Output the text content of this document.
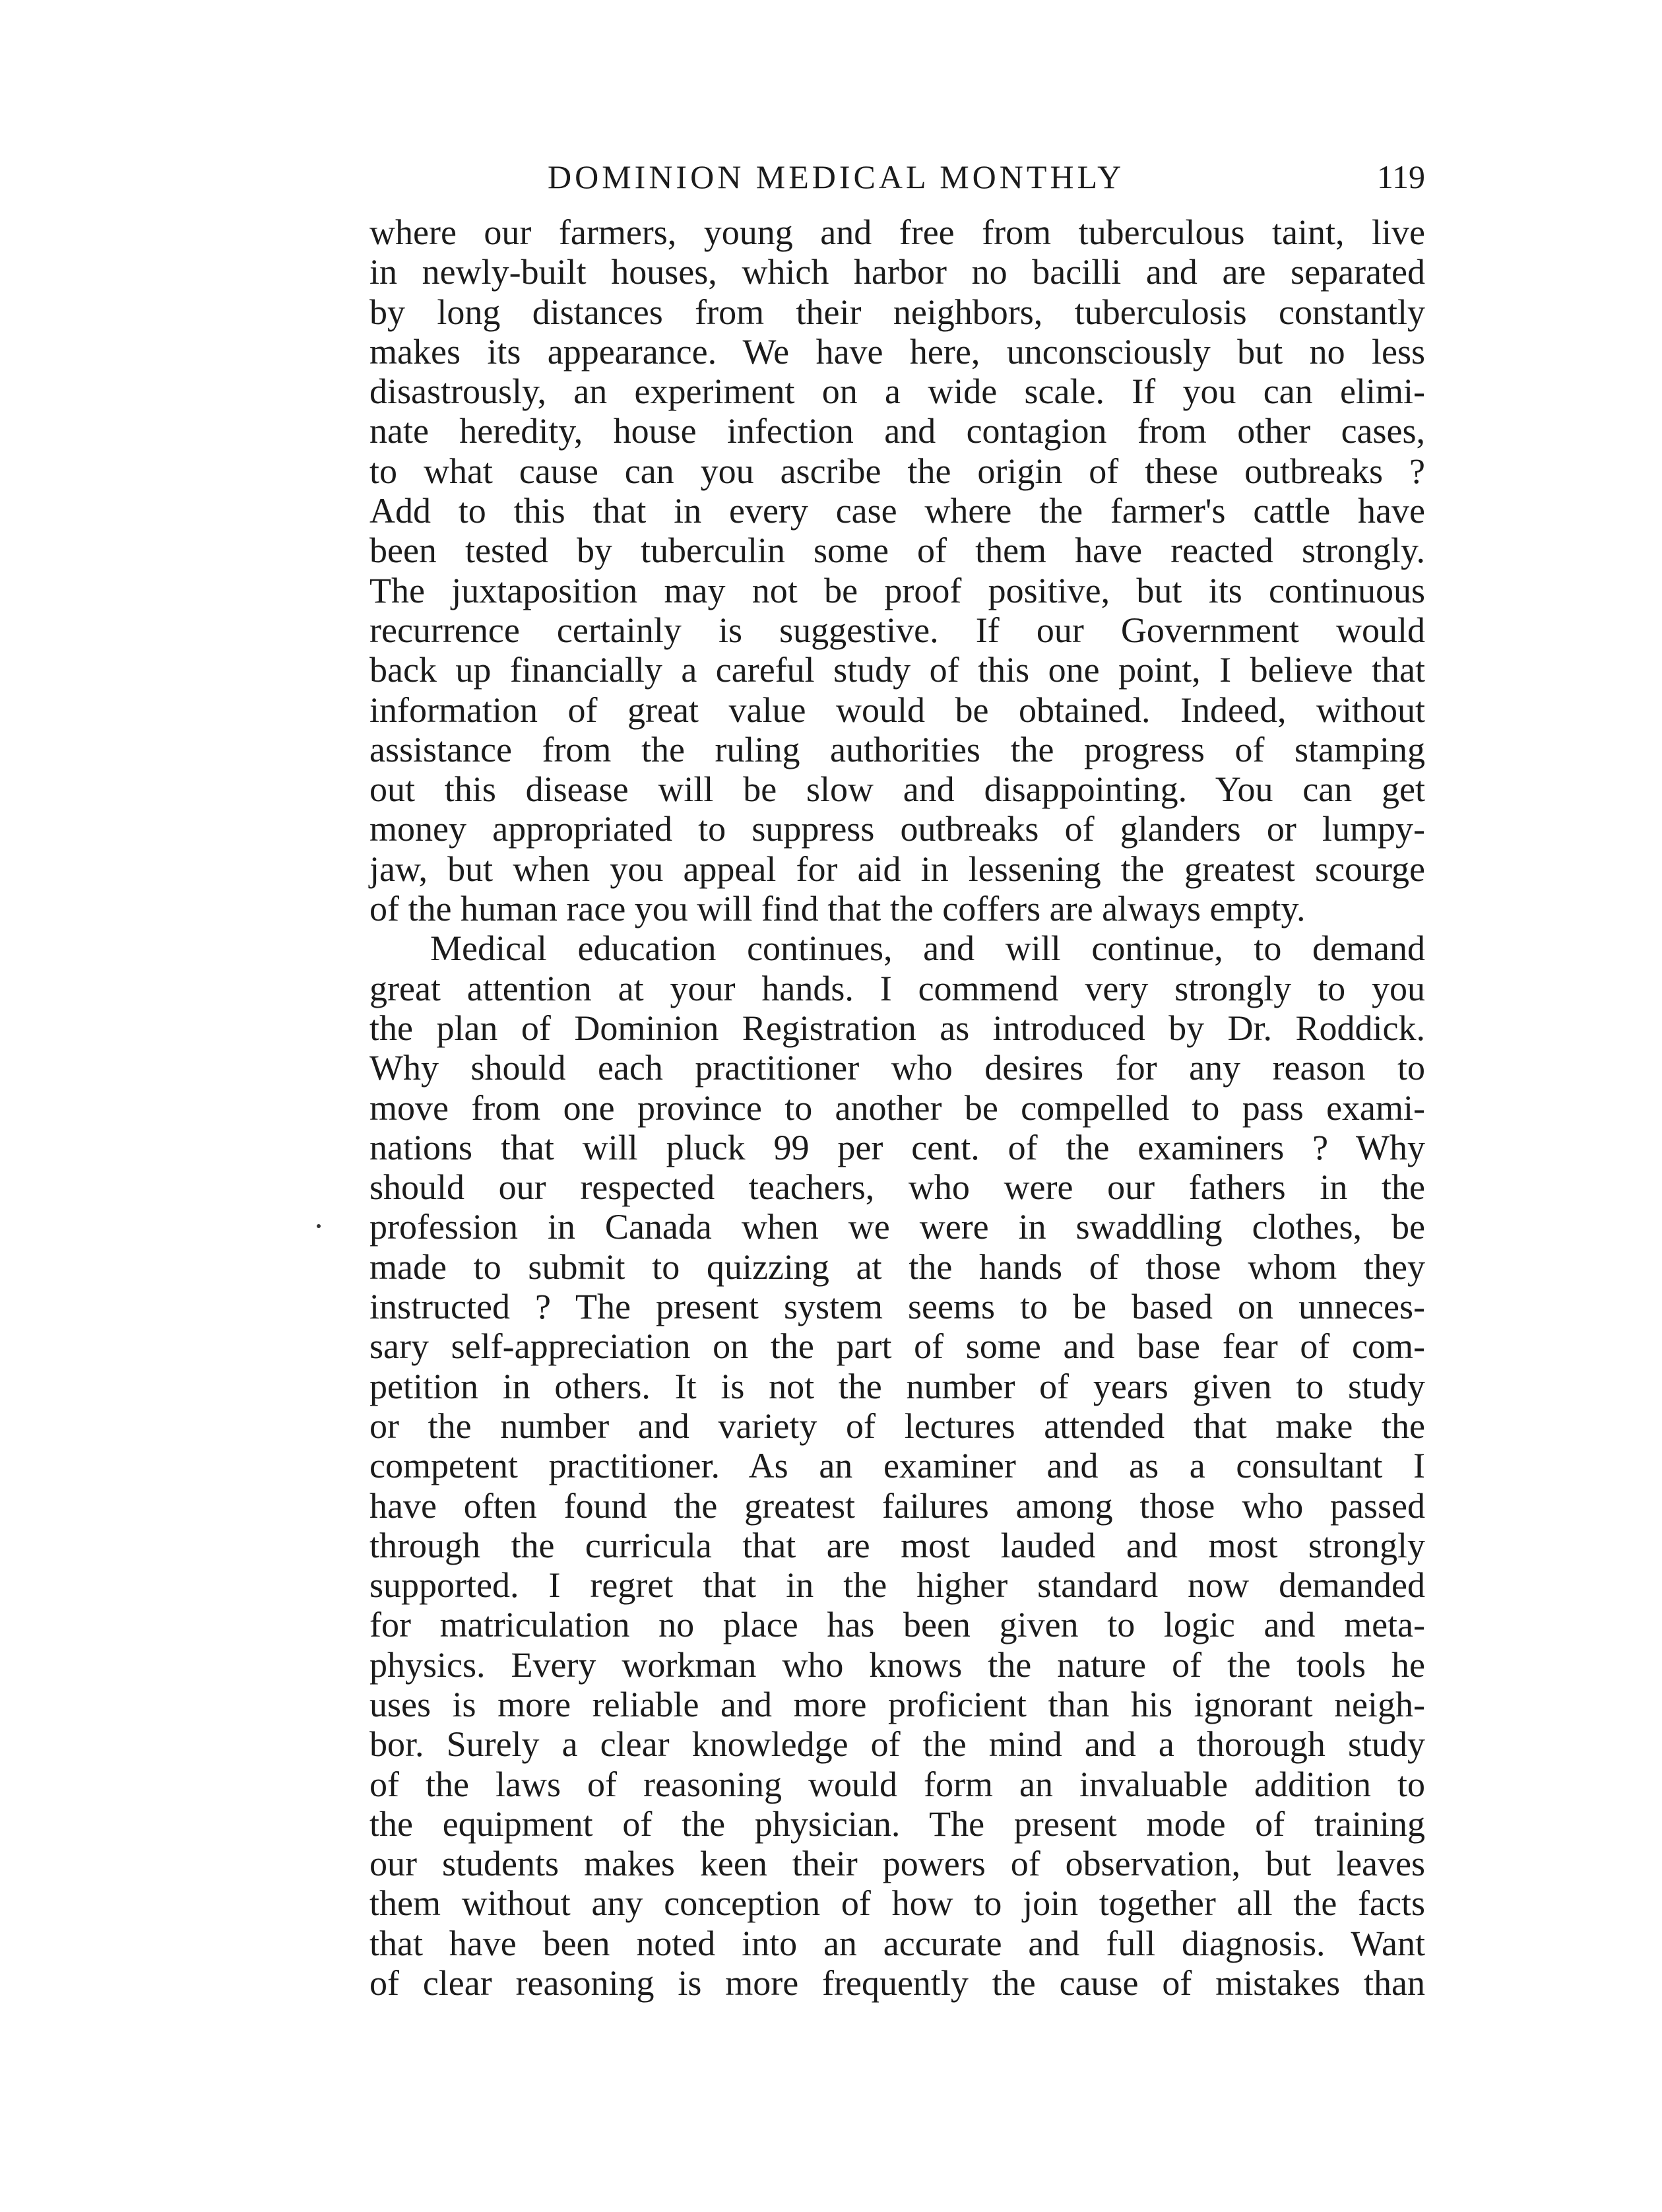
DOMINION MEDICAL MONTHLY	119
where our farmers, young and free from tuberculous taint, live
in newly-built houses, which harbor no bacilli and are separated
by long distances from their neighbors, tuberculosis constantly
makes its appearance. We have here, unconsciously but no less
disastrously, an experiment on a wide scale. If you can elimi-
nate heredity, house infection and contagion from other cases,
to what cause can you ascribe the origin of these outbreaks ?
Add to this that in every case where the farmer's cattle have
been tested by tuberculin some of them have reacted strongly.
The juxtaposition may not be proof positive, but its continuous
recurrence certainly is suggestive. If our Government would
back up financially a careful study of this one point, I believe that
information of great value would be obtained. Indeed, without
assistance from the ruling authorities the progress of stamping
out this disease will be slow and disappointing. You can get
money appropriated to suppress outbreaks of glanders or lumpy-
jaw, but when you appeal for aid in lessening the greatest scourge
of the human race you will find that the coffers are always empty.
Medical education continues, and will continue, to demand
great attention at your hands. I commend very strongly to you
the plan of Dominion Registration as introduced by Dr. Roddick.
Why should each practitioner who desires for any reason to
move from one province to another be compelled to pass exami-
nations that will pluck 99 per cent. of the examiners ? Why
should our respected teachers, who were our fathers in the
profession in Canada when we were in swaddling clothes, be
made to submit to quizzing at the hands of those whom they
instructed ? The present system seems to be based on unneces-
sary self-appreciation on the part of some and base fear of com-
petition in others. It is not the number of years given to study
or the number and variety of lectures attended that make the
competent practitioner. As an examiner and as a consultant I
have often found the greatest failures among those who passed
through the curricula that are most lauded and most strongly
supported. I regret that in the higher standard now demanded
for matriculation no place has been given to logic and meta-
physics. Every workman who knows the nature of the tools he
uses is more reliable and more proficient than his ignorant neigh-
bor. Surely a clear knowledge of the mind and a thorough study
of the laws of reasoning would form an invaluable addition to
the equipment of the physician. The present mode of training
our students makes keen their powers of observation, but leaves
them without any conception of how to join together all the facts
that have been noted into an accurate and full diagnosis. Want
of clear reasoning is more frequently the cause of mistakes than
